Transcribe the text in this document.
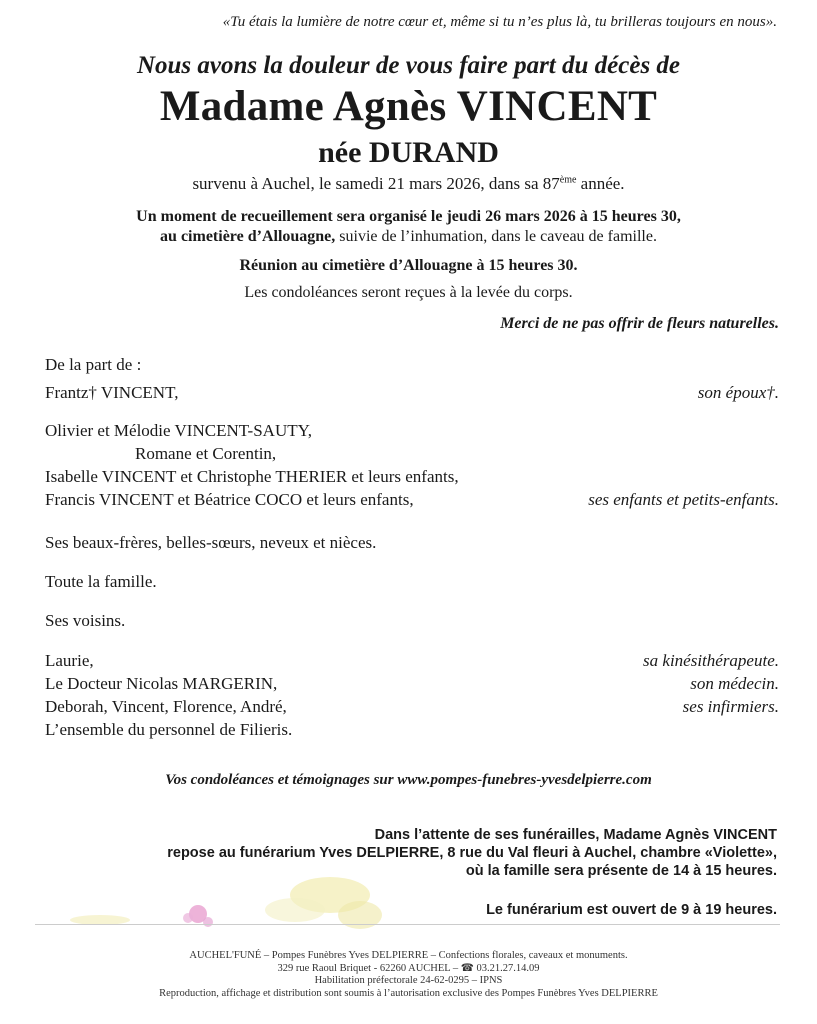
«Tu étais la lumière de notre cœur et, même si tu n’es plus là, tu brilleras toujours en nous».
Nous avons la douleur de vous faire part du décès de
Madame Agnès VINCENT
née DURAND
survenu à Auchel, le samedi 21 mars 2026, dans sa 87ème année.
Un moment de recueillement sera organisé le jeudi 26 mars 2026 à 15 heures 30,
au cimetière d’Allouagne, suivie de l’inhumation, dans le caveau de famille.
Réunion au cimetière d’Allouagne à 15 heures 30.
Les condoléances seront reçues à la levée du corps.
Merci de ne pas offrir de fleurs naturelles.
De la part de :
Frantz† VINCENT,	son époux†.
Olivier et Mélodie VINCENT-SAUTY,
Romane et Corentin,
Isabelle VINCENT et Christophe THERIER et leurs enfants,
Francis VINCENT et Béatrice COCO et leurs enfants,	ses enfants et petits-enfants.
Ses beaux-frères, belles-sœurs, neveux et nièces.
Toute la famille.
Ses voisins.
Laurie,	sa kinésithérapeute.
Le Docteur Nicolas MARGERIN,	son médecin.
Deborah, Vincent, Florence, André,	ses infirmiers.
L’ensemble du personnel de Filieris.
Vos condoléances et témoignages sur www.pompes-funebres-yvesdelpierre.com
Dans l’attente de ses funérailles, Madame Agnès VINCENT
repose au funérarium Yves DELPIERRE, 8 rue du Val fleuri à Auchel, chambre «Violette»,
où la famille sera présente de 14 à 15 heures.
Le funérarium est ouvert de 9 à 19 heures.
AUCHEL'FUNÉ – Pompes Funèbres Yves DELPIERRE – Confections florales, caveaux et monuments.
329 rue Raoul Briquet - 62260 AUCHEL – ☎ 03.21.27.14.09
Habilitation préfectorale 24-62-0295 – IPNS
Reproduction, affichage et distribution sont soumis à l’autorisation exclusive des Pompes Funèbres Yves DELPIERRE
